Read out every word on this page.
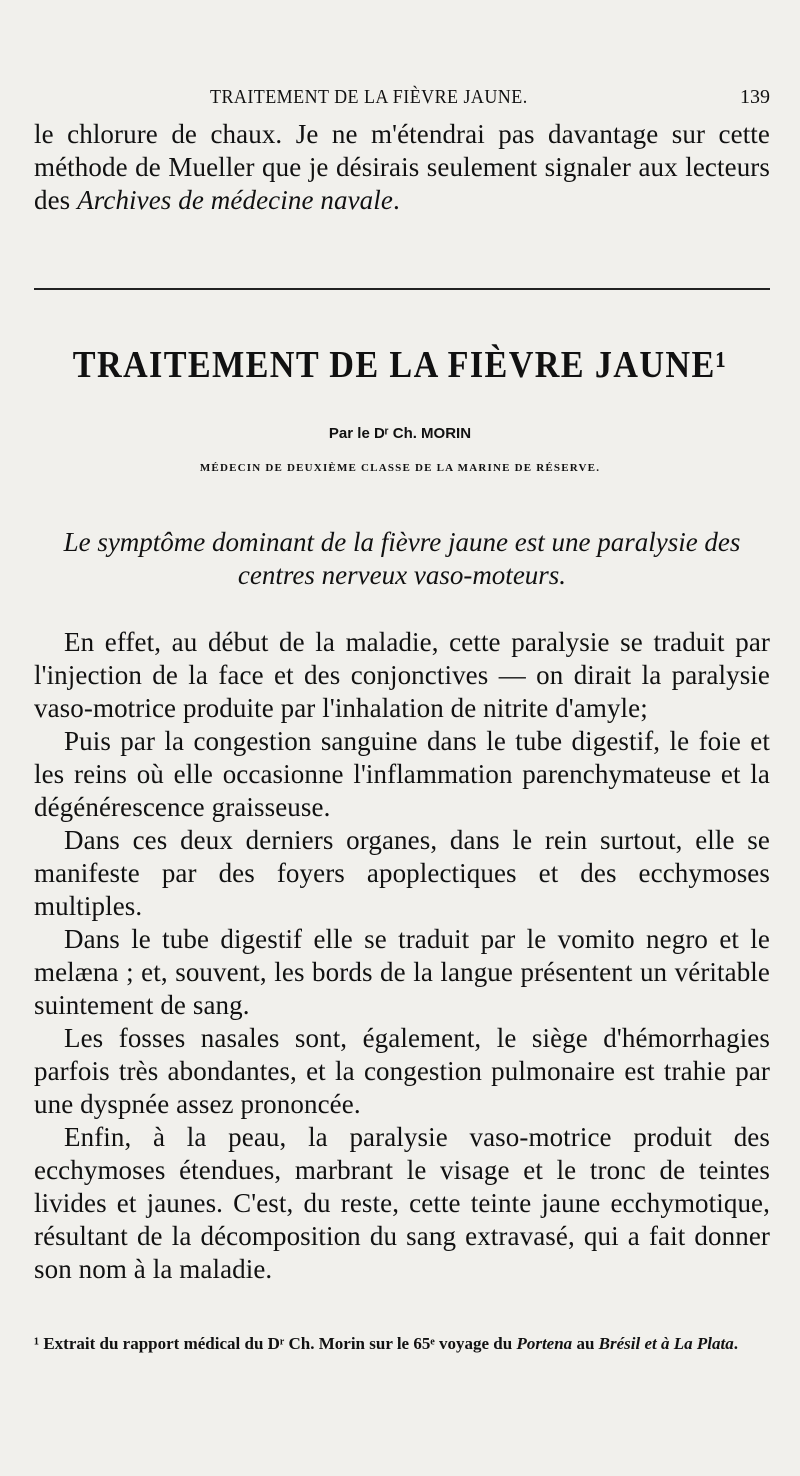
TRAITEMENT DE LA FIÈVRE JAUNE.	139
le chlorure de chaux. Je ne m'étendrai pas davantage sur cette méthode de Mueller que je désirais seulement signaler aux lecteurs des Archives de médecine navale.
TRAITEMENT DE LA FIÈVRE JAUNE¹
Par le Dʳ Ch. MORIN
MÉDECIN DE DEUXIÈME CLASSE DE LA MARINE DE RÉSERVE.
Le symptôme dominant de la fièvre jaune est une paralysie des centres nerveux vaso-moteurs.

En effet, au début de la maladie, cette paralysie se traduit par l'injection de la face et des conjonctives — on dirait la paralysie vaso-motrice produite par l'inhalation de nitrite d'amyle;

Puis par la congestion sanguine dans le tube digestif, le foie et les reins où elle occasionne l'inflammation parenchymateuse et la dégénérescence graisseuse.

Dans ces deux derniers organes, dans le rein surtout, elle se manifeste par des foyers apoplectiques et des ecchymoses multiples.

Dans le tube digestif elle se traduit par le vomito negro et le melæna ; et, souvent, les bords de la langue présentent un véritable suintement de sang.

Les fosses nasales sont, également, le siège d'hémorrhagies parfois très abondantes, et la congestion pulmonaire est trahie par une dyspnée assez prononcée.

Enfin, à la peau, la paralysie vaso-motrice produit des ecchymoses étendues, marbrant le visage et le tronc de teintes livides et jaunes. C'est, du reste, cette teinte jaune ecchymotique, résultant de la décomposition du sang extravasé, qui a fait donner son nom à la maladie.

¹ Extrait du rapport médical du Dʳ Ch. Morin sur le 65ᵉ voyage du Portena au Brésil et à La Plata.
